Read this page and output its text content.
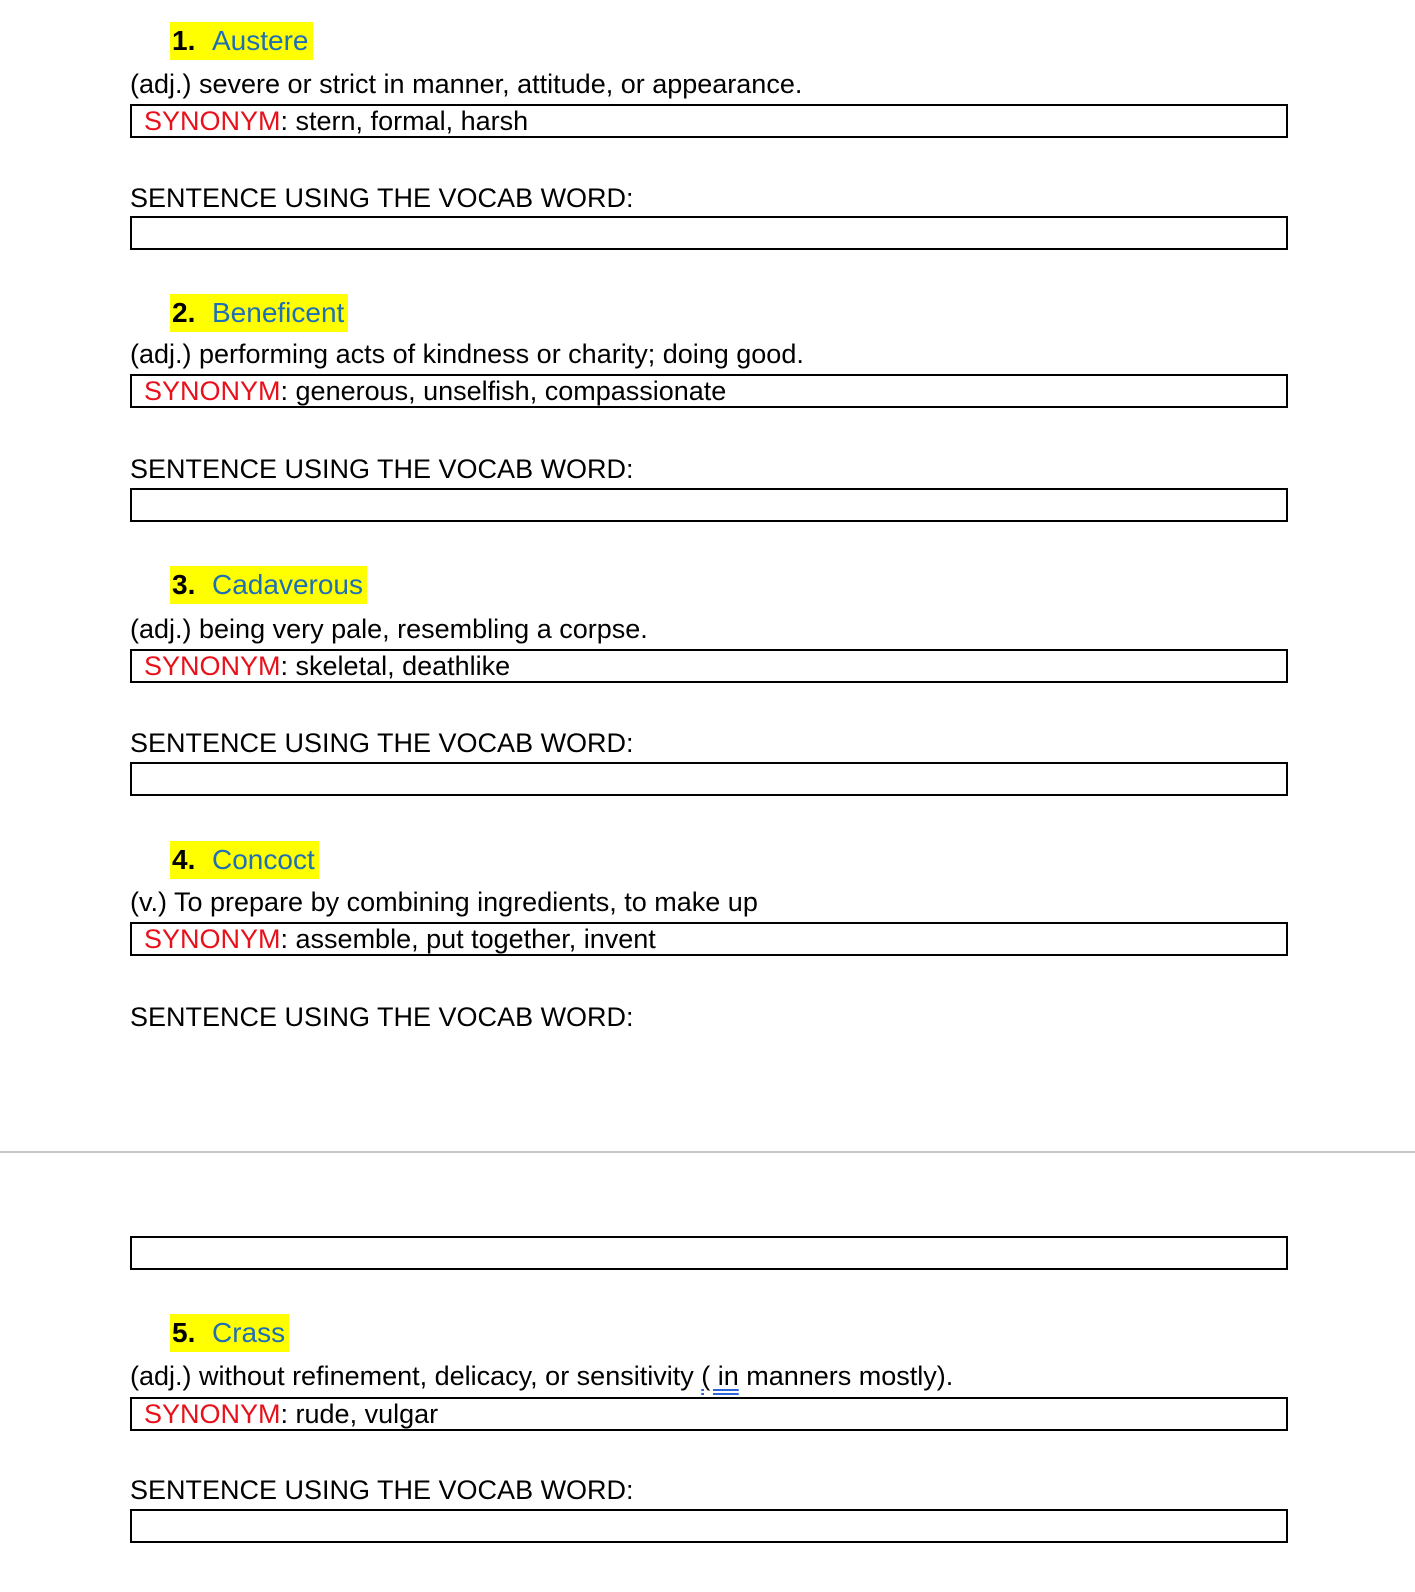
1. Austere
(adj.) severe or strict in manner, attitude, or appearance.
SYNONYM: stern, formal, harsh
SENTENCE USING THE VOCAB WORD:
2. Beneficent
(adj.) performing acts of kindness or charity; doing good.
SYNONYM: generous, unselfish, compassionate
SENTENCE USING THE VOCAB WORD:
3. Cadaverous
(adj.) being very pale, resembling a corpse.
SYNONYM: skeletal, deathlike
SENTENCE USING THE VOCAB WORD:
4. Concoct
(v.) To prepare by combining ingredients, to make up
SYNONYM: assemble, put together, invent
SENTENCE USING THE VOCAB WORD:
5. Crass
(adj.) without refinement, delicacy, or sensitivity ( in manners mostly).
SYNONYM: rude, vulgar
SENTENCE USING THE VOCAB WORD:
